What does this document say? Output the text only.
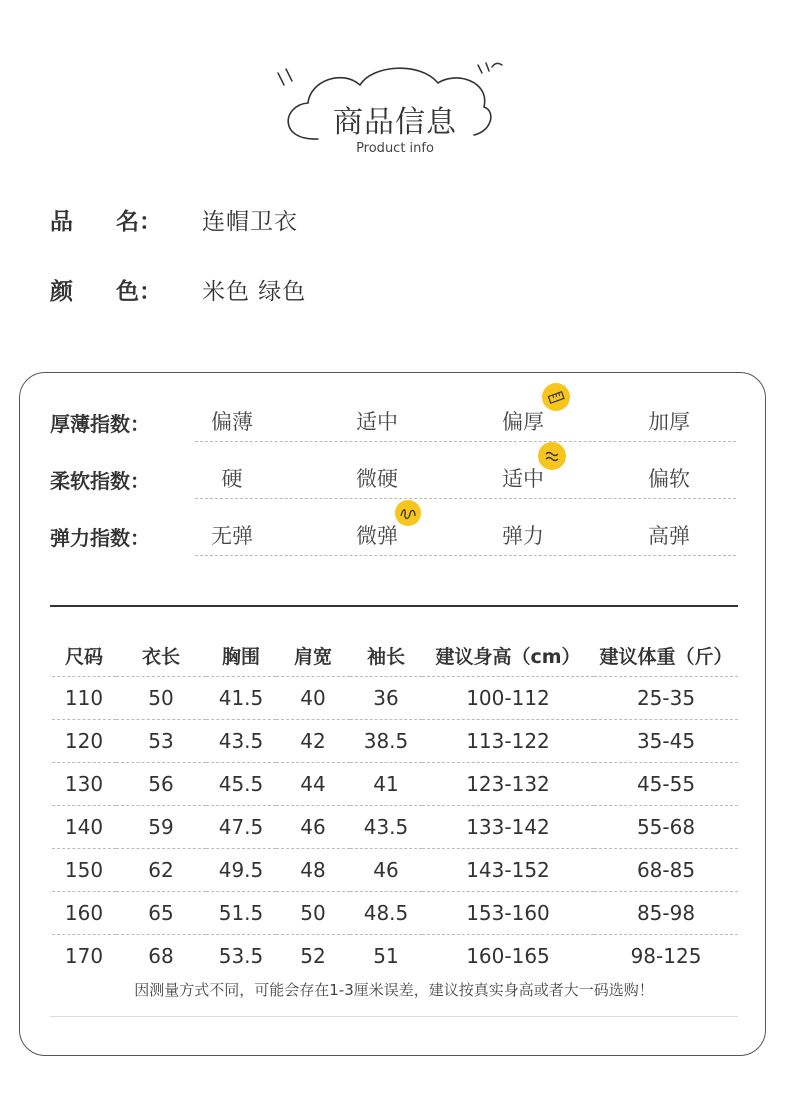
商品信息
Product info
品	名： 连帽卫衣
颜	色： 米色 绿色
厚薄指数：	偏薄	适中	偏厚	加厚
柔软指数：	硬	微硬	适中	偏软
弹力指数：	无弹	微弹	弹力	高弹
尺码	衣长	胸围	肩宽	袖长	建议身高（cm）	建议体重（斤）
110	50	41.5	40	36	100-112	25-35
120	53	43.5	42	38.5	113-122	35-45
130	56	45.5	44	41	123-132	45-55
140	59	47.5	46	43.5	133-142	55-68
150	62	49.5	48	46	143-152	68-85
160	65	51.5	50	48.5	153-160	85-98
170	68	53.5	52	51	160-165	98-125
因测量方式不同，可能会存在1-3厘米误差，建议按真实身高或者大一码选购！
